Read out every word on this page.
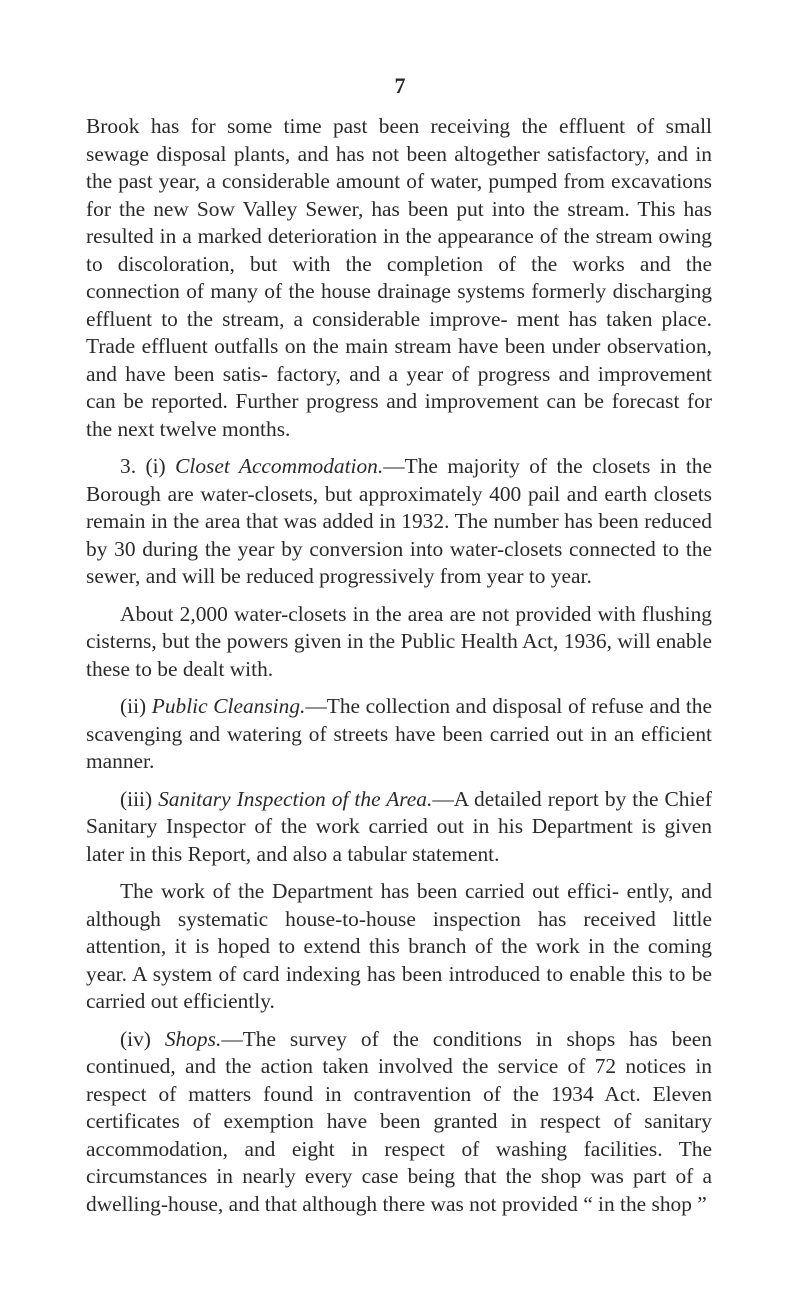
7

Brook has for some time past been receiving the effluent of small sewage disposal plants, and has not been altogether satisfactory, and in the past year, a considerable amount of water, pumped from excavations for the new Sow Valley Sewer, has been put into the stream. This has resulted in a marked deterioration in the appearance of the stream owing to discoloration, but with the completion of the works and the connection of many of the house drainage systems formerly discharging effluent to the stream, a considerable improve- ment has taken place. Trade effluent outfalls on the main stream have been under observation, and have been satis- factory, and a year of progress and improvement can be reported. Further progress and improvement can be forecast for the next twelve months.

3. (i) Closet Accommodation.—The majority of the closets in the Borough are water-closets, but approximately 400 pail and earth closets remain in the area that was added in 1932. The number has been reduced by 30 during the year by conversion into water-closets connected to the sewer, and will be reduced progressively from year to year.

About 2,000 water-closets in the area are not provided with flushing cisterns, but the powers given in the Public Health Act, 1936, will enable these to be dealt with.

(ii) Public Cleansing.—The collection and disposal of refuse and the scavenging and watering of streets have been carried out in an efficient manner.

(iii) Sanitary Inspection of the Area.—A detailed report by the Chief Sanitary Inspector of the work carried out in his Department is given later in this Report, and also a tabular statement.

The work of the Department has been carried out effici- ently, and although systematic house-to-house inspection has received little attention, it is hoped to extend this branch of the work in the coming year. A system of card indexing has been introduced to enable this to be carried out efficiently.

(iv) Shops.—The survey of the conditions in shops has been continued, and the action taken involved the service of 72 notices in respect of matters found in contravention of the 1934 Act. Eleven certificates of exemption have been granted in respect of sanitary accommodation, and eight in respect of washing facilities. The circumstances in nearly every case being that the shop was part of a dwelling-house, and that although there was not provided “ in the shop ”
